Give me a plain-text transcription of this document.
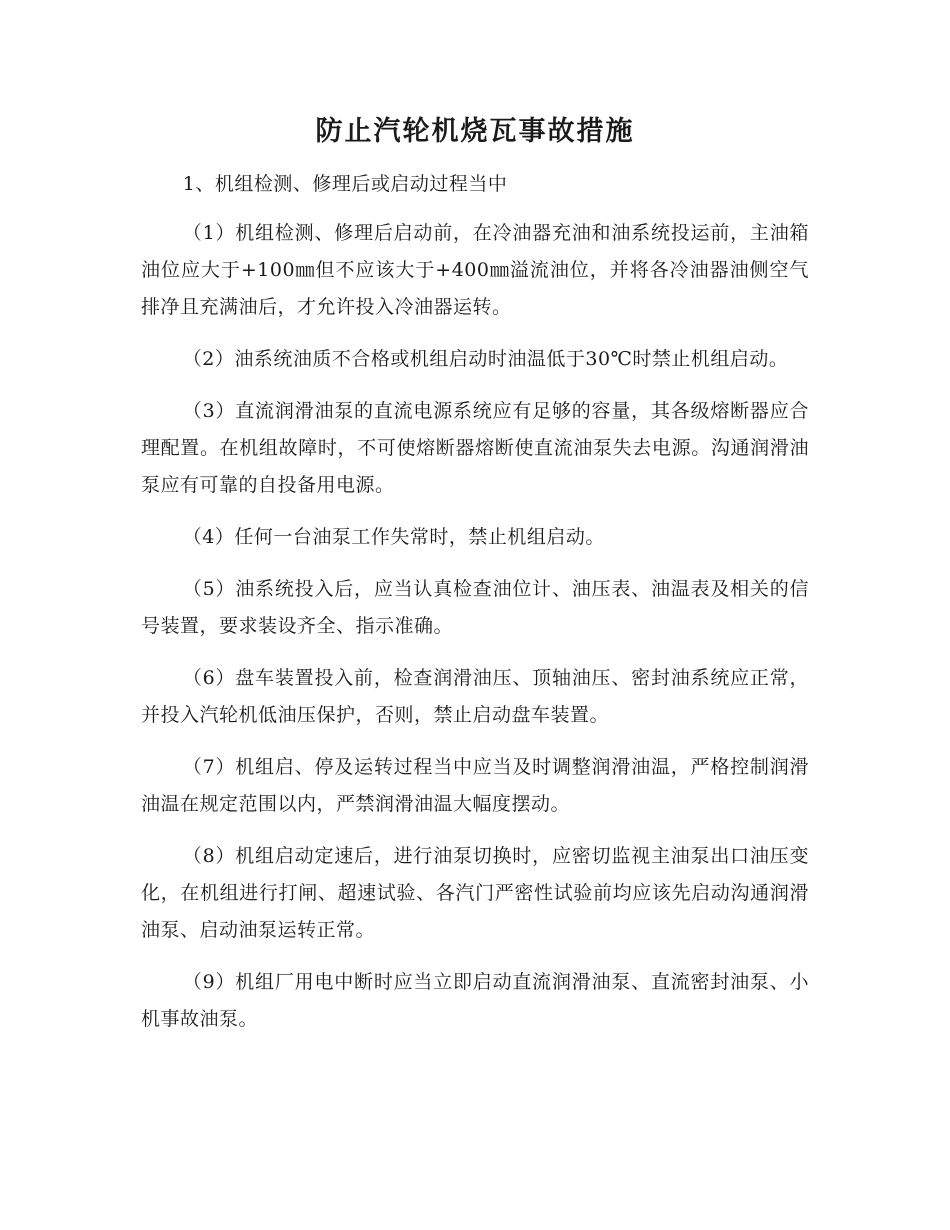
防止汽轮机烧瓦事故措施

1、机组检测、修理后或启动过程当中

（1）机组检测、修理后启动前，在冷油器充油和油系统投运前，主油箱油位应大于+100㎜但不应该大于+400㎜溢流油位，并将各冷油器油侧空气排净且充满油后，才允许投入冷油器运转。

（2）油系统油质不合格或机组启动时油温低于30℃时禁止机组启动。

（3）直流润滑油泵的直流电源系统应有足够的容量，其各级熔断器应合理配置。在机组故障时，不可使熔断器熔断使直流油泵失去电源。沟通润滑油泵应有可靠的自投备用电源。

（4）任何一台油泵工作失常时，禁止机组启动。

（5）油系统投入后，应当认真检查油位计、油压表、油温表及相关的信号装置，要求装设齐全、指示准确。

（6）盘车装置投入前，检查润滑油压、顶轴油压、密封油系统应正常，并投入汽轮机低油压保护，否则，禁止启动盘车装置。

（7）机组启、停及运转过程当中应当及时调整润滑油温，严格控制润滑油温在规定范围以内，严禁润滑油温大幅度摆动。

（8）机组启动定速后，进行油泵切换时，应密切监视主油泵出口油压变化，在机组进行打闸、超速试验、各汽门严密性试验前均应该先启动沟通润滑油泵、启动油泵运转正常。

（9）机组厂用电中断时应当立即启动直流润滑油泵、直流密封油泵、小机事故油泵。
